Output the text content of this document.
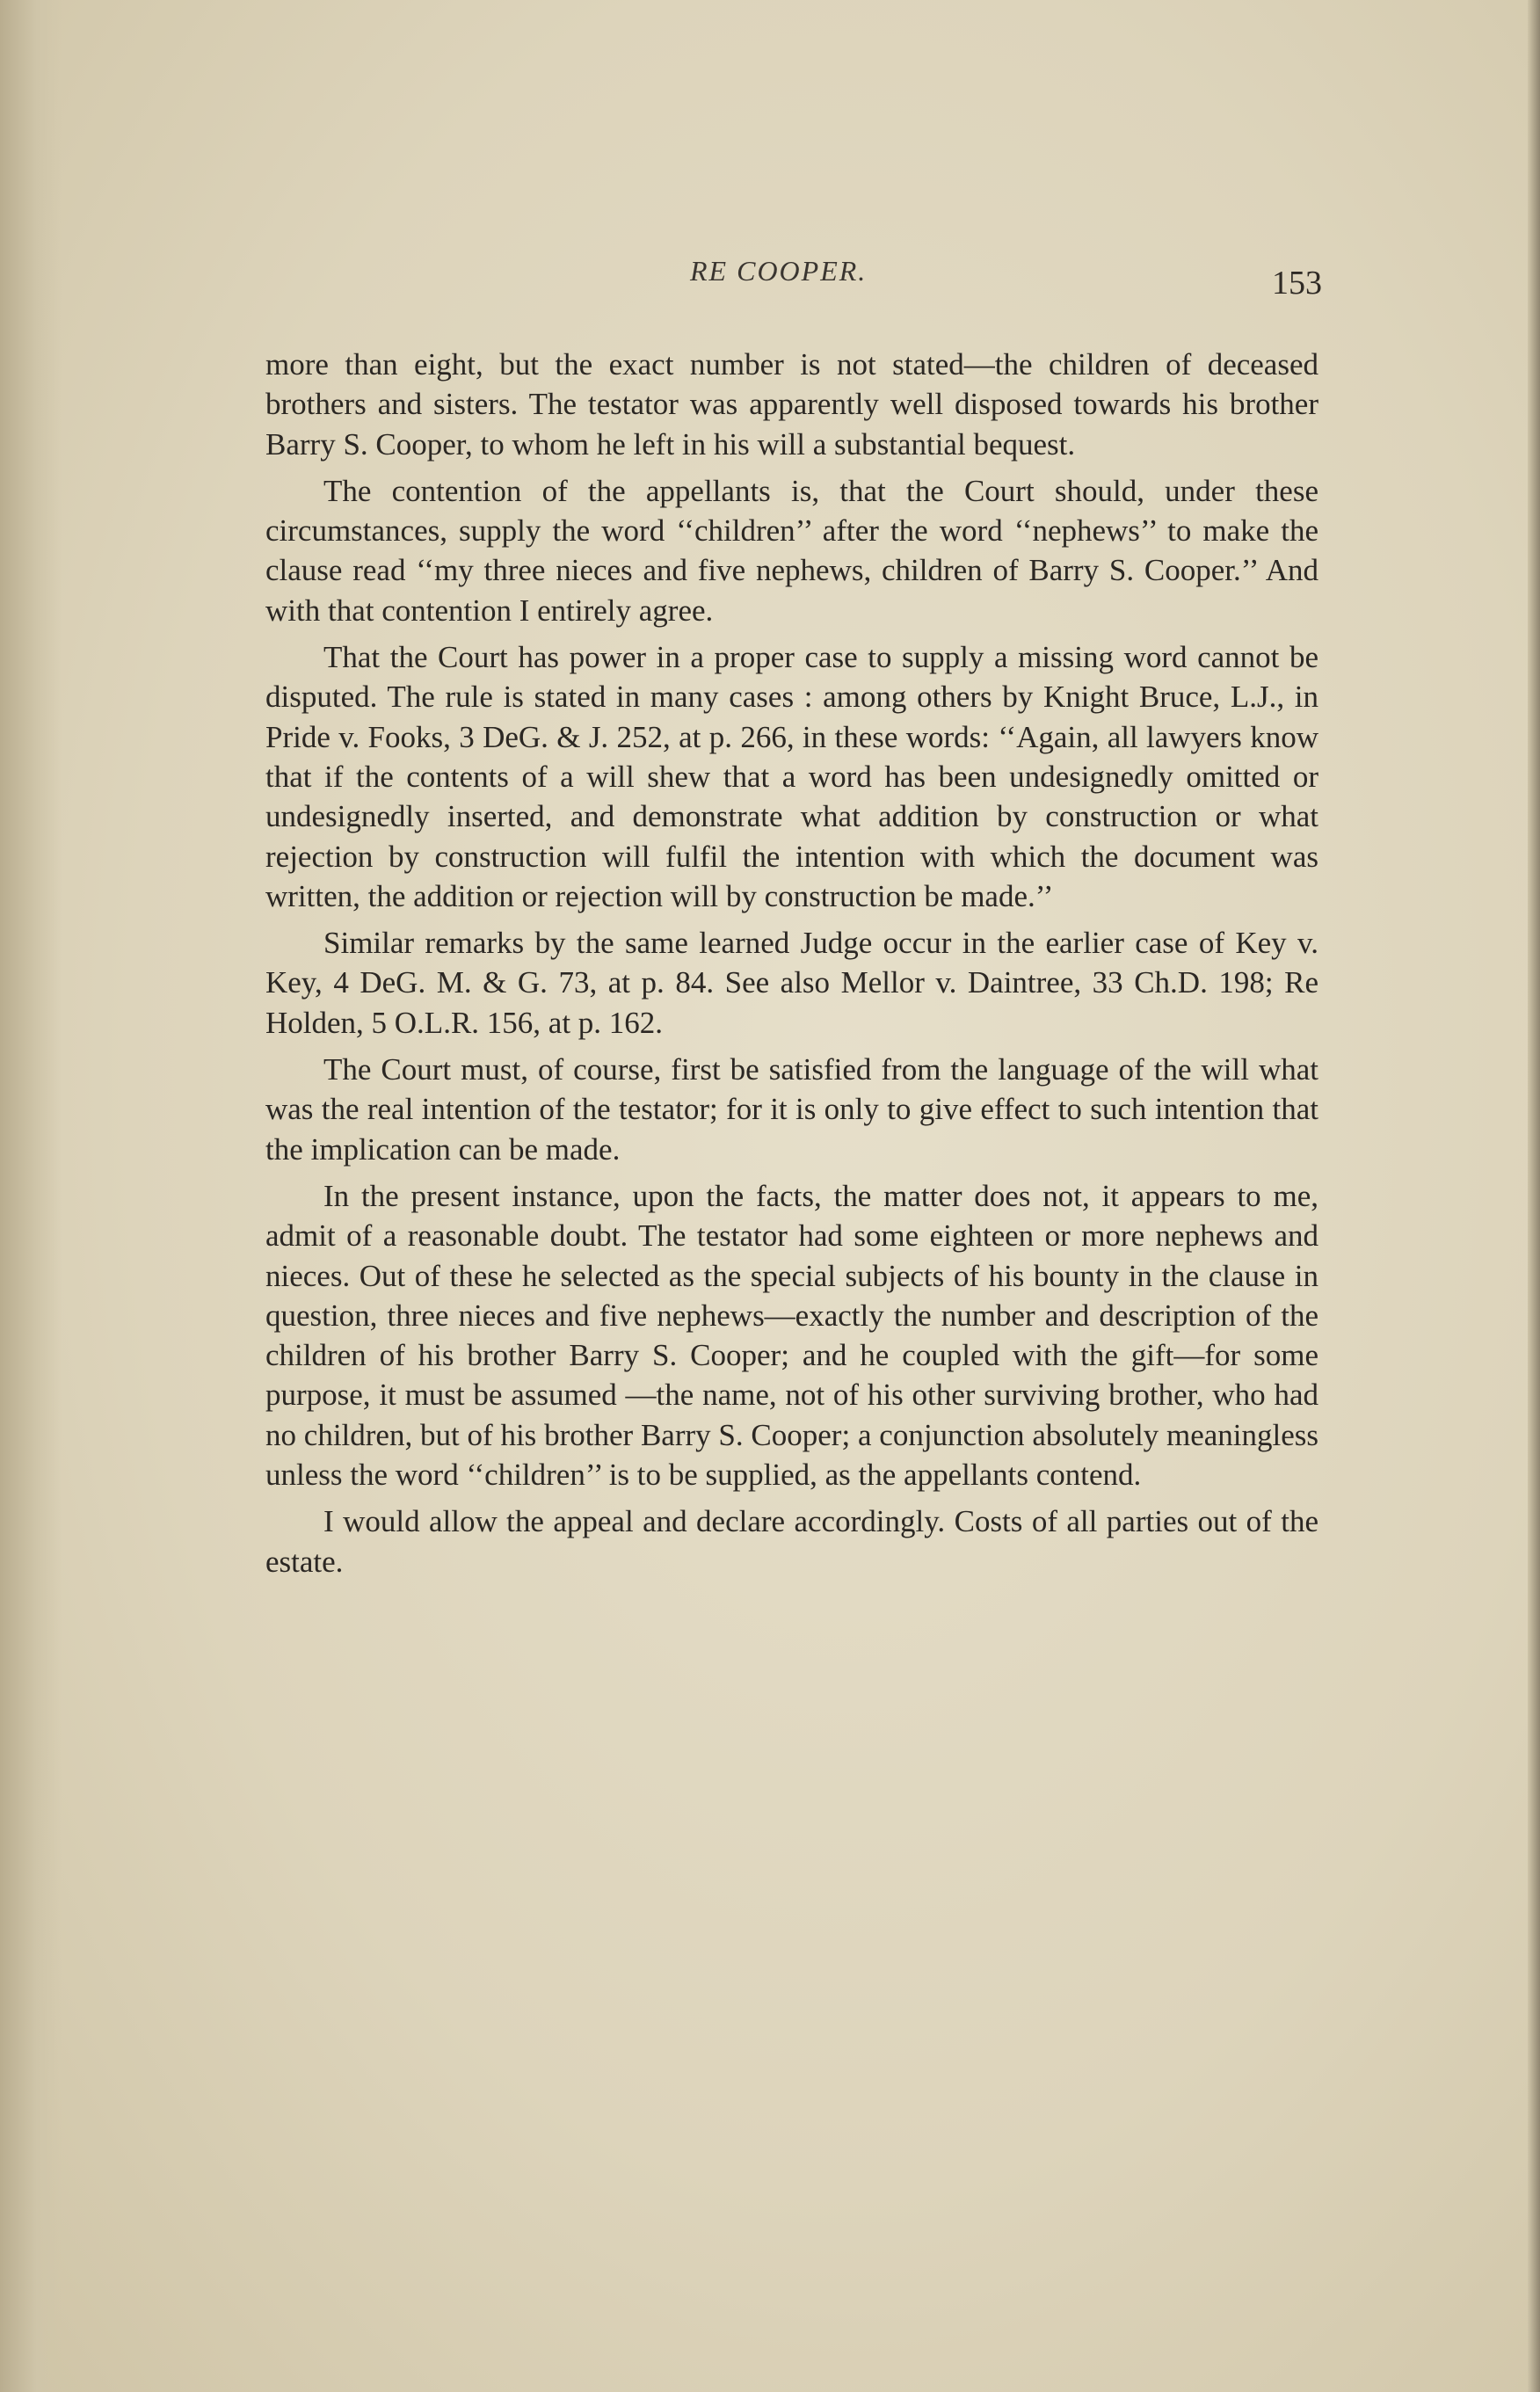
RE COOPER.	153

more than eight, but the exact number is not stated—the children of deceased brothers and sisters. The testator was apparently well disposed towards his brother Barry S. Cooper, to whom he left in his will a substantial bequest.

The contention of the appellants is, that the Court should, under these circumstances, supply the word ‘‘children’’ after the word ‘‘nephews’’ to make the clause read ‘‘my three nieces and five nephews, children of Barry S. Cooper.’’ And with that contention I entirely agree.

That the Court has power in a proper case to supply a missing word cannot be disputed. The rule is stated in many cases : among others by Knight Bruce, L.J., in Pride v. Fooks, 3 DeG. & J. 252, at p. 266, in these words: ‘‘Again, all lawyers know that if the contents of a will shew that a word has been undesignedly omitted or undesignedly inserted, and demonstrate what addition by construction or what rejection by construction will fulfil the intention with which the document was written, the addition or rejection will by construction be made.’’

Similar remarks by the same learned Judge occur in the earlier case of Key v. Key, 4 DeG. M. & G. 73, at p. 84. See also Mellor v. Daintree, 33 Ch.D. 198; Re Holden, 5 O.L.R. 156, at p. 162.

The Court must, of course, first be satisfied from the language of the will what was the real intention of the testator; for it is only to give effect to such intention that the implication can be made.

In the present instance, upon the facts, the matter does not, it appears to me, admit of a reasonable doubt. The testator had some eighteen or more nephews and nieces. Out of these he selected as the special subjects of his bounty in the clause in question, three nieces and five nephews—exactly the number and description of the children of his brother Barry S. Cooper; and he coupled with the gift—for some purpose, it must be assumed —the name, not of his other surviving brother, who had no children, but of his brother Barry S. Cooper; a conjunction absolutely meaningless unless the word ‘‘children’’ is to be supplied, as the appellants contend.

I would allow the appeal and declare accordingly. Costs of all parties out of the estate.
